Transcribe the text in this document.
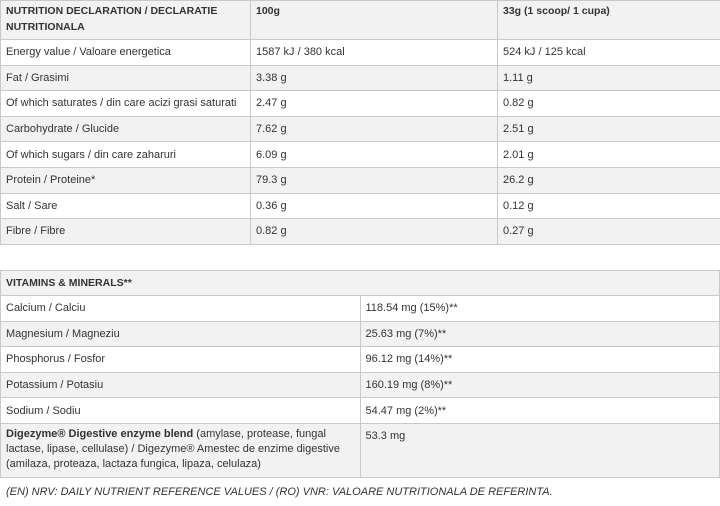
NUTRITION DECLARATION / DECLARATIE NUTRITIONALA	100g	33g (1 scoop/ 1 cupa)
Energy value / Valoare energetica	1587 kJ / 380 kcal	524 kJ / 125 kcal
Fat / Grasimi	3.38 g	1.11 g
Of which saturates / din care acizi grasi saturati	2.47 g	0.82 g
Carbohydrate / Glucide	7.62 g	2.51 g
Of which sugars / din care zaharuri	6.09 g	2.01 g
Protein / Proteine*	79.3 g	26.2 g
Salt / Sare	0.36 g	0.12 g
Fibre / Fibre	0.82 g	0.27 g
VITAMINS & MINERALS**	
Calcium / Calciu	118.54 mg (15%)**
Magnesium / Magneziu	25.63 mg (7%)**
Phosphorus / Fosfor	96.12 mg (14%)**
Potassium / Potasiu	160.19 mg (8%)**
Sodium / Sodiu	54.47 mg (2%)**
Digezyme® Digestive enzyme blend (amylase, protease, fungal lactase, lipase, cellulase) / Digezyme® Amestec de enzime digestive (amilaza, proteaza, lactaza fungica, lipaza, celulaza)	53.3 mg
(EN) NRV: DAILY NUTRIENT REFERENCE VALUES / (RO) VNR: VALOARE NUTRITIONALA DE REFERINTA.
